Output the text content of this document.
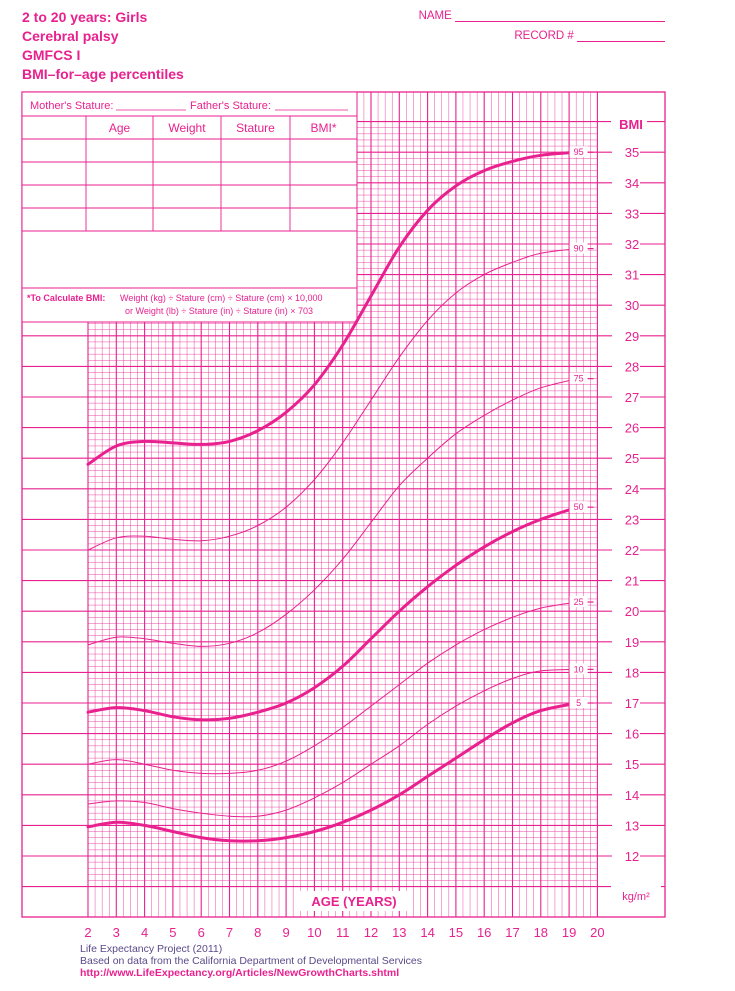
2 to 20 years: Girls
Cerebral palsy
GMFCS I
BMI–for–age percentiles
NAME
RECORD #
Mother's Stature:	Father's Stature:
Age	Weight	Stature	BMI*
*To Calculate BMI: Weight (kg) ÷ Stature (cm) ÷ Stature (cm) × 10,000
or Weight (lb) ÷ Stature (in) ÷ Stature (in) × 703
12
13
14
15
16
17
18
19
20
21
22
23
24
25
26
27
28
29
30
31
32
33
34
35
BMI
kg/m²
2 3 4 5 6 7 8 9 10 11 12 13 14 15 16 17 18 19 20
AGE (YEARS)
95
90
75
50
25
10
5
Life Expectancy Project (2011)
Based on data from the California Department of Developmental Services
http://www.LifeExpectancy.org/Articles/NewGrowthCharts.shtml
